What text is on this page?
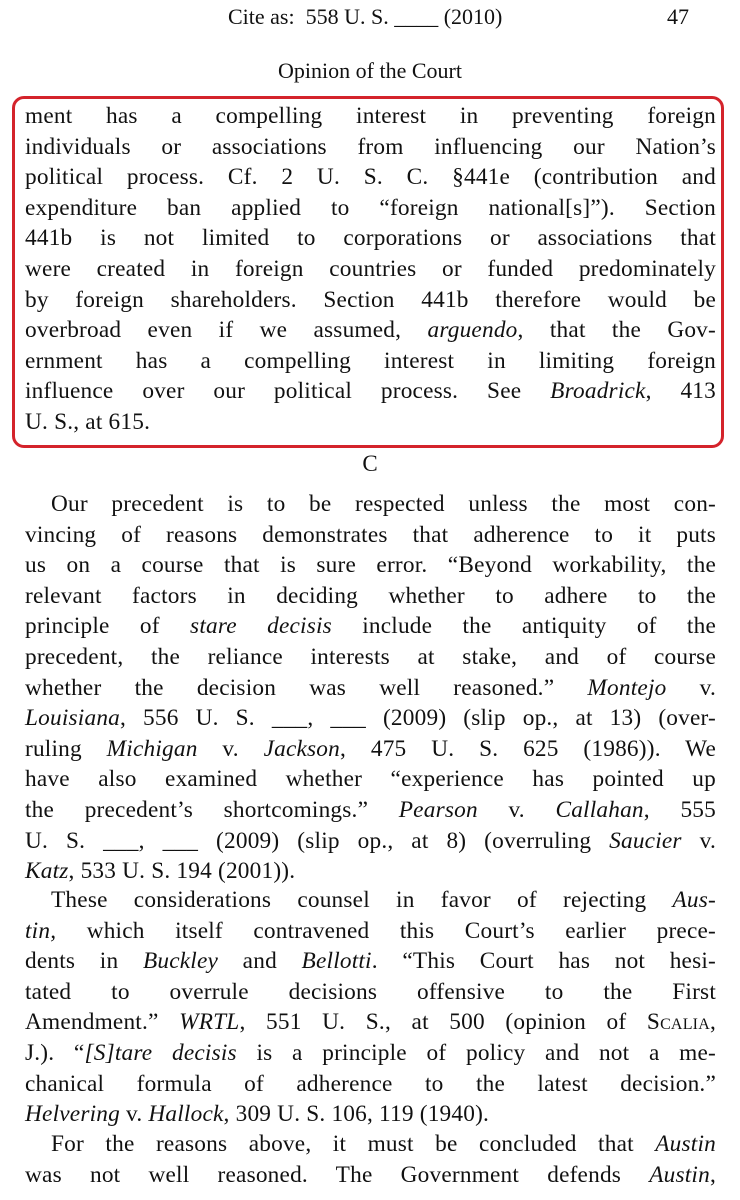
Cite as:  558 U. S. ____ (2010)	47
Opinion of the Court

ment has a compelling interest in preventing foreign

individuals or associations from influencing our Nation’s

political process. Cf. 2 U. S. C. §441e (contribution and

expenditure ban applied to “foreign national[s]”). Section

441b is not limited to corporations or associations that

were created in foreign countries or funded predominately

by foreign shareholders. Section 441b therefore would be

overbroad even if we assumed, arguendo, that the Gov-

ernment has a compelling interest in limiting foreign

influence over our political process. See Broadrick, 413

U. S., at 615.

C

Our precedent is to be respected unless the most con-

vincing of reasons demonstrates that adherence to it puts

us on a course that is sure error. “Beyond workability, the

relevant factors in deciding whether to adhere to the

principle of stare decisis include the antiquity of the

precedent, the reliance interests at stake, and of course

whether the decision was well reasoned.” Montejo v.

Louisiana, 556 U. S. ___, ___ (2009) (slip op., at 13) (over-

ruling Michigan v. Jackson, 475 U. S. 625 (1986)). We

have also examined whether “experience has pointed up

the precedent’s shortcomings.” Pearson v. Callahan, 555

U. S. ___, ___ (2009) (slip op., at 8) (overruling Saucier v.

Katz, 533 U. S. 194 (2001)).

These considerations counsel in favor of rejecting Aus-

tin, which itself contravened this Court’s earlier prece-

dents in Buckley and Bellotti. “This Court has not hesi-

tated to overrule decisions offensive to the First

Amendment.” WRTL, 551 U. S., at 500 (opinion of Scalia,

J.). “[S]tare decisis is a principle of policy and not a me-

chanical formula of adherence to the latest decision.”

Helvering v. Hallock, 309 U. S. 106, 119 (1940).

For the reasons above, it must be concluded that Austin

was not well reasoned. The Government defends Austin,
